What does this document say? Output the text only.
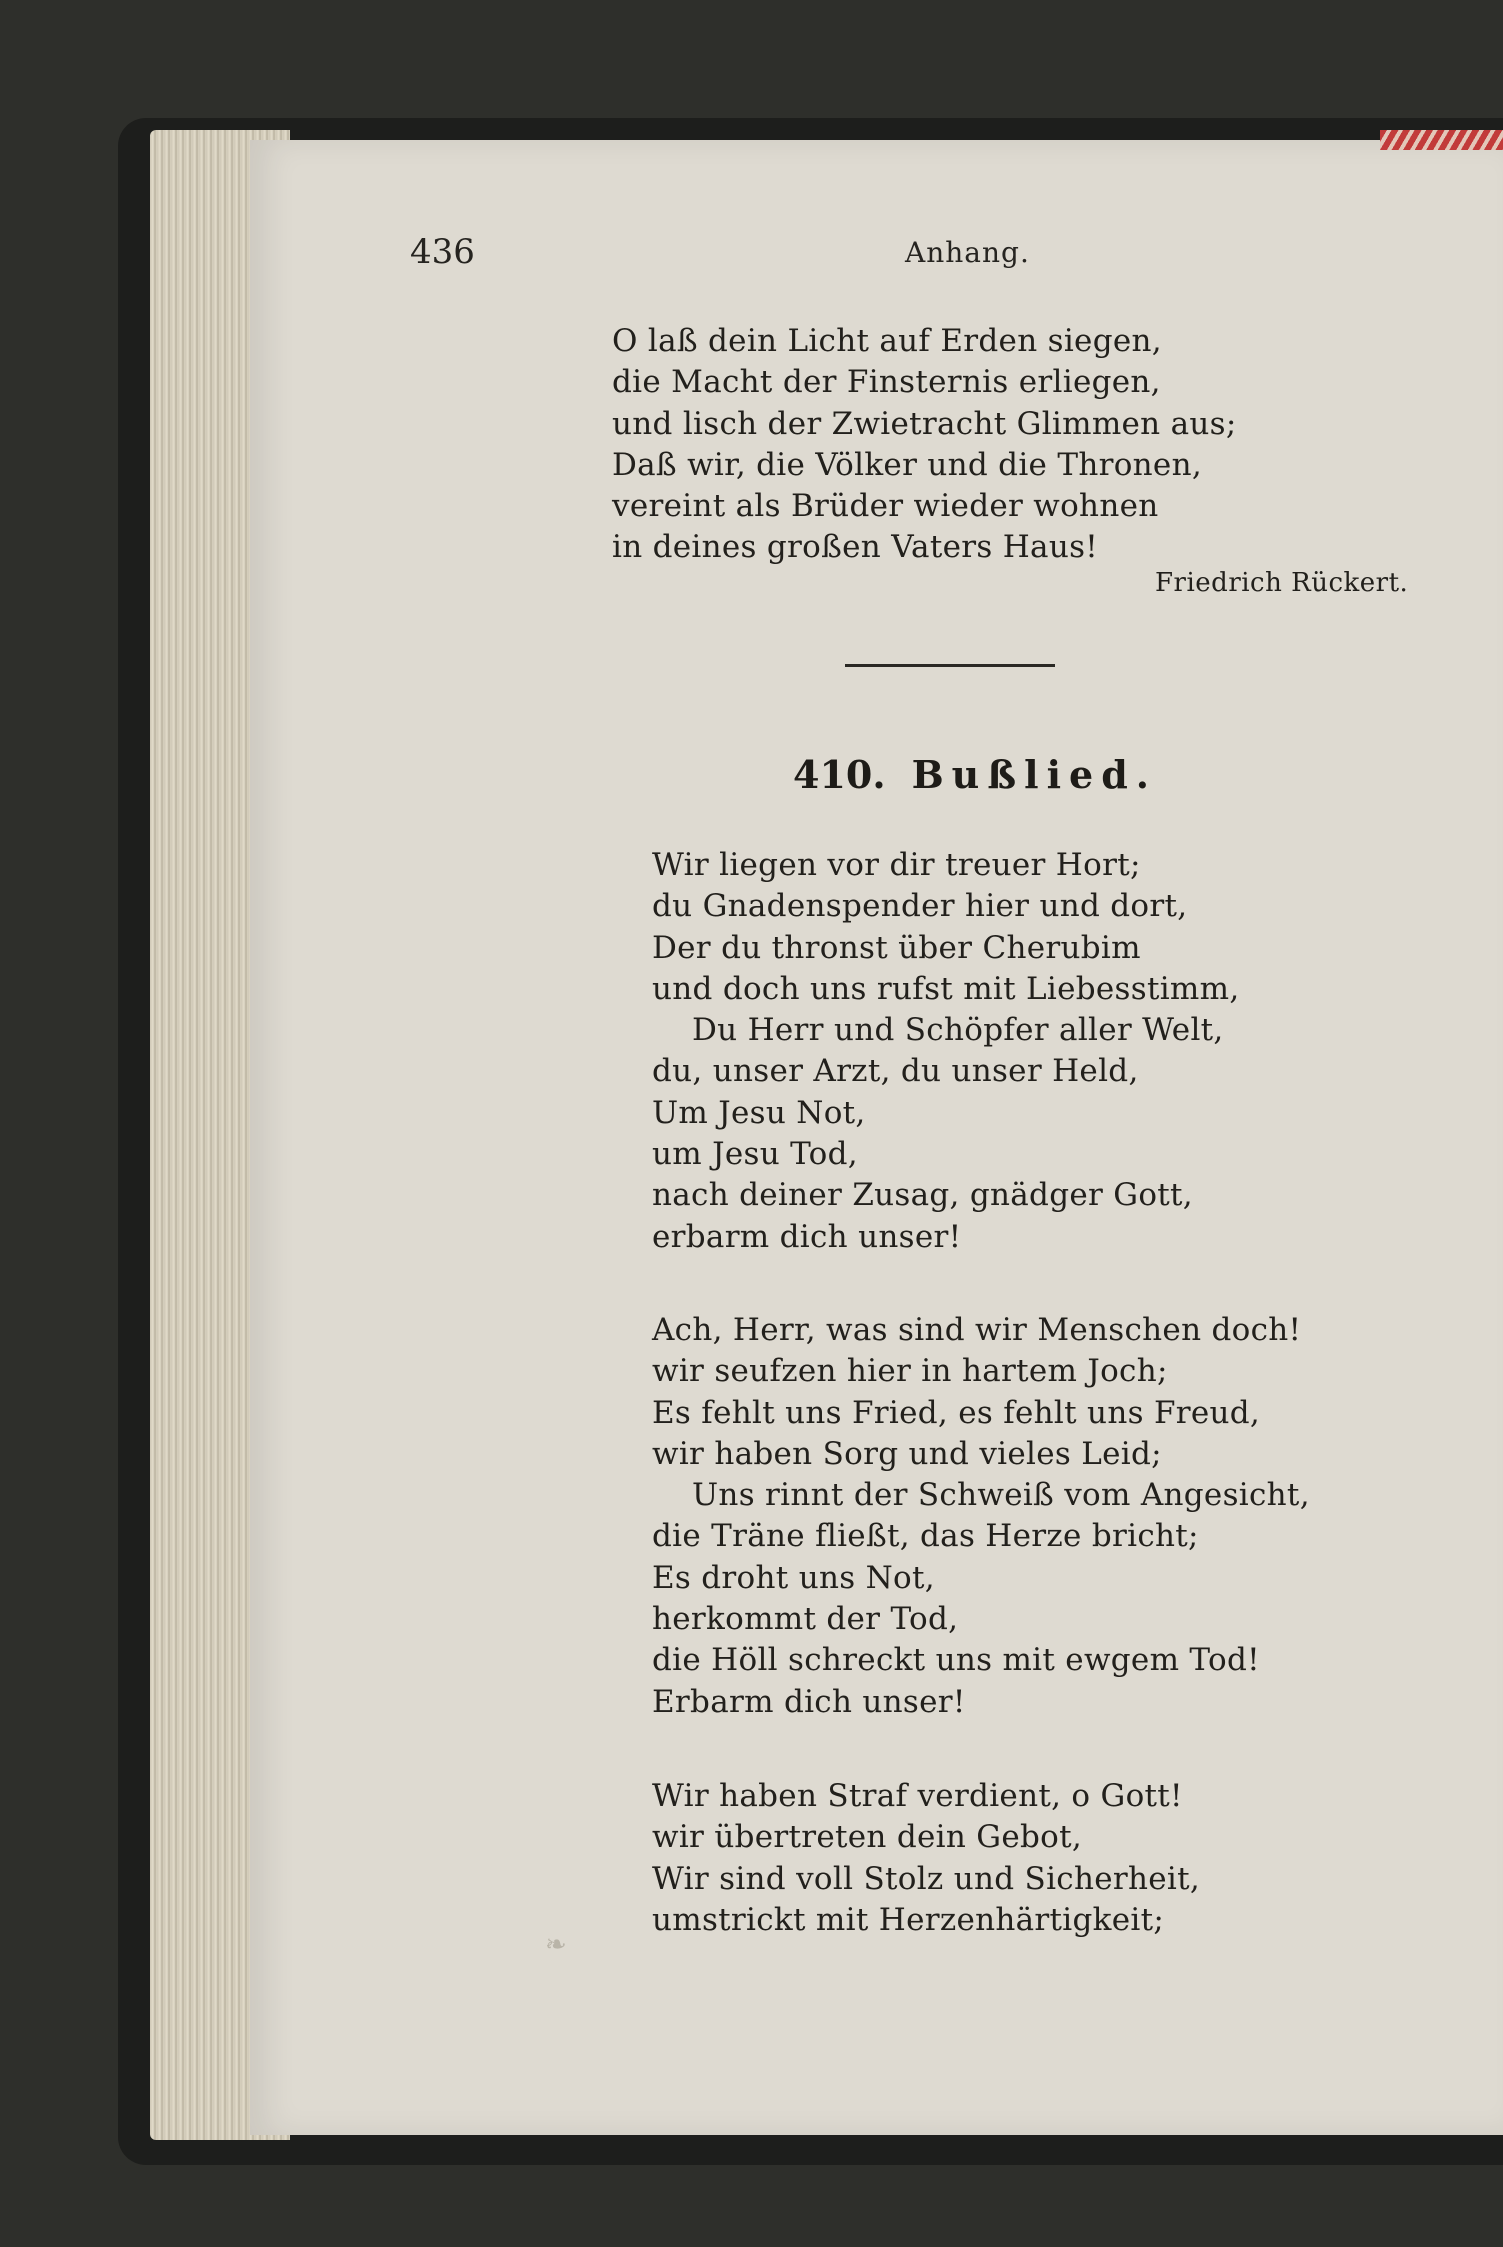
436	Anhang.
O laß dein Licht auf Erden siegen,
die Macht der Finsternis erliegen,
und lisch der Zwietracht Glimmen aus;
Daß wir, die Völker und die Thronen,
vereint als Brüder wieder wohnen
in deines großen Vaters Haus!
Friedrich Rückert.
410. Bußlied.
Wir liegen vor dir treuer Hort;
du Gnadenspender hier und dort,
Der du thronst über Cherubim
und doch uns rufst mit Liebesstimm,
Du Herr und Schöpfer aller Welt,
du, unser Arzt, du unser Held,
Um Jesu Not,
um Jesu Tod,
nach deiner Zusag, gnädger Gott,
erbarm dich unser!
Ach, Herr, was sind wir Menschen doch!
wir seufzen hier in hartem Joch;
Es fehlt uns Fried, es fehlt uns Freud,
wir haben Sorg und vieles Leid;
Uns rinnt der Schweiß vom Angesicht,
die Träne fließt, das Herze bricht;
Es droht uns Not,
herkommt der Tod,
die Höll schreckt uns mit ewgem Tod!
Erbarm dich unser!
Wir haben Straf verdient, o Gott!
wir übertreten dein Gebot,
Wir sind voll Stolz und Sicherheit,
umstrickt mit Herzenhärtigkeit;
❧
